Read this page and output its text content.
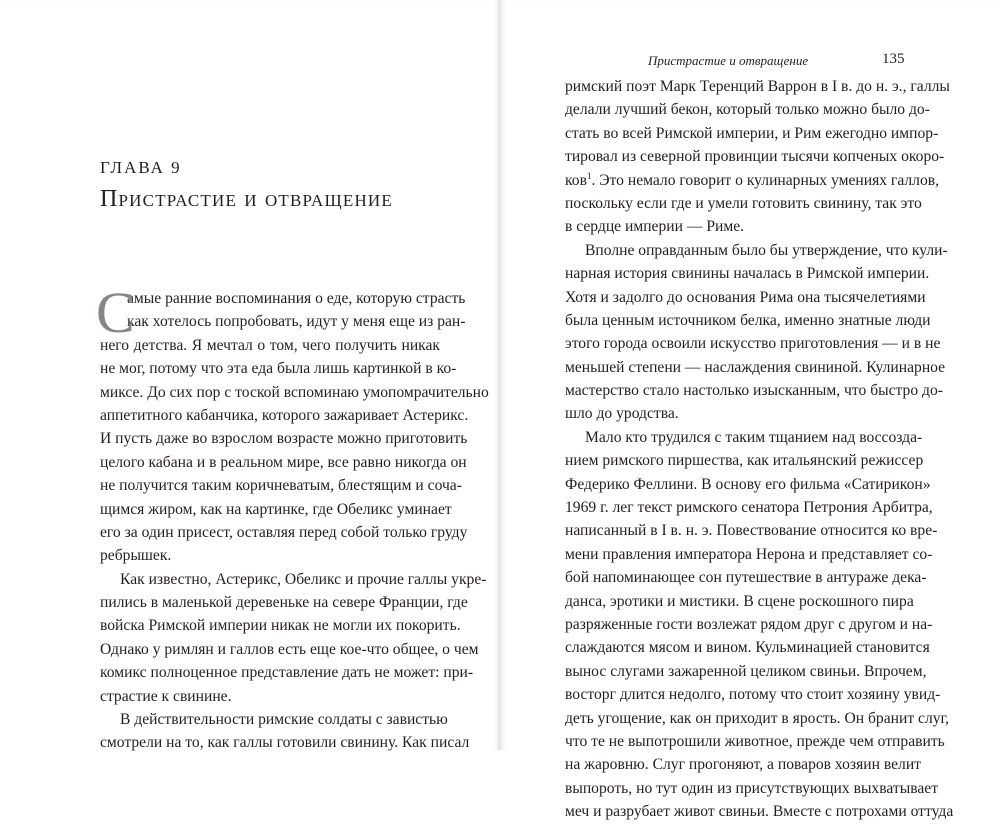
ГЛАВА 9
Пристрастие и отвращение
С
амые ранние воспоминания о еде, которую страсть
как хотелось попробовать, идут у меня еще из ран-
него детства. Я мечтал о том, чего получить никак
не мог, потому что эта еда была лишь картинкой в ко-
миксе. До сих пор с тоской вспоминаю умопомрачительно
аппетитного кабанчика, которого зажаривает Астерикс.
И пусть даже во взрослом возрасте можно приготовить
целого кабана и в реальном мире, все равно никогда он
не получится таким коричневатым, блестящим и соча-
щимся жиром, как на картинке, где Обеликс уминает
его за один присест, оставляя перед собой только груду
ребрышек.
Как известно, Астерикс, Обеликс и прочие галлы укре-
пились в маленькой деревеньке на севере Франции, где
войска Римской империи никак не могли их покорить.
Однако у римлян и галлов есть еще кое-что общее, о чем
комикс полноценное представление дать не может: при-
страстие к свинине.
В действительности римские солдаты с завистью
смотрели на то, как галлы готовили свинину. Как писал
Пристрастие и отвращение	135
римский поэт Марк Теренций Варрон в I в. до н. э., галлы
делали лучший бекон, который только можно было до-
стать во всей Римской империи, и Рим ежегодно импор-
тировал из северной провинции тысячи копченых окоро-
ков$^1$. Это немало говорит о кулинарных умениях галлов,
поскольку если где и умели готовить свинину, так это
в сердце империи — Риме.
Вполне оправданным было бы утверждение, что кули-
нарная история свинины началась в Римской империи.
Хотя и задолго до основания Рима она тысячелетиями
была ценным источником белка, именно знатные люди
этого города освоили искусство приготовления — и в не
меньшей степени — наслаждения свининой. Кулинарное
мастерство стало настолько изысканным, что быстро до-
шло до уродства.
Мало кто трудился с таким тщанием над воссозда-
нием римского пиршества, как итальянский режиссер
Федерико Феллини. В основу его фильма «Сатирикон»
1969 г. лег текст римского сенатора Петрония Арбитра,
написанный в I в. н. э. Повествование относится ко вре-
мени правления императора Нерона и представляет со-
бой напоминающее сон путешествие в антураже дека-
данса, эротики и мистики. В сцене роскошного пира
разряженные гости возлежат рядом друг с другом и на-
слаждаются мясом и вином. Кульминацией становится
вынос слугами зажаренной целиком свиньи. Впрочем,
восторг длится недолго, потому что стоит хозяину увид-
деть угощение, как он приходит в ярость. Он бранит слуг,
что те не выпотрошили животное, прежде чем отправить
на жаровню. Слуг прогоняют, а поваров хозяин велит
выпороть, но тут один из присутствующих выхватывает
меч и разрубает живот свиньи. Вместе с потрохами оттуда
